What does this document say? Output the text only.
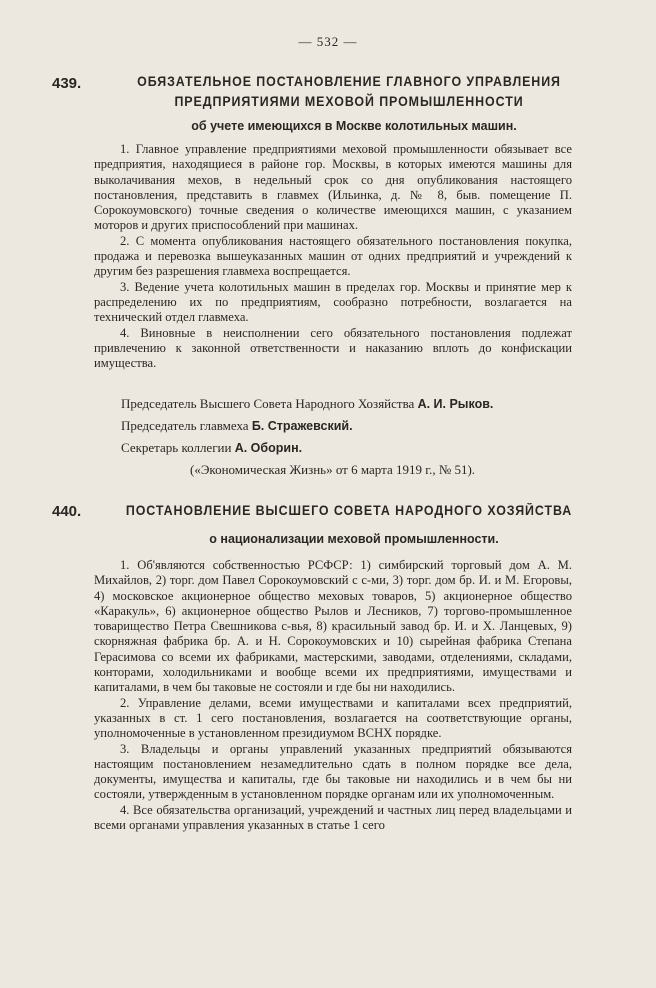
— 532 —
439.	ОБЯЗАТЕЛЬНОЕ ПОСТАНОВЛЕНИЕ ГЛАВНОГО УПРАВЛЕНИЯ ПРЕДПРИЯТИЯМИ МЕХОВОЙ ПРОМЫШЛЕННОСТИ
об учете имеющихся в Москве колотильных машин.

1. Главное управление предприятиями меховой промышленности обязывает все предприятия, находящиеся в районе гор. Москвы, в которых имеются машины для выколачивания мехов, в недельный срок со дня опубликования настоящего постановления, представить в главмех (Ильинка, д. № 8, быв. помещение П. Сорокоумовского) точные сведения о количестве имеющихся машин, с указанием моторов и других приспособлений при машинах.

2. С момента опубликования настоящего обязательного постановления покупка, продажа и перевозка вышеуказанных машин от одних предприятий и учреждений к другим без разрешения главмеха воспрещается.

3. Ведение учета колотильных машин в пределах гор. Москвы и принятие мер к распределению их по предприятиям, сообразно потребности, возлагается на технический отдел главмеха.

4. Виновные в неисполнении сего обязательного постановления подлежат привлечению к законной ответственности и наказанию вплоть до конфискации имущества.

Председатель Высшего Совета Народного Хозяйства А. И. Рыков.
Председатель главмеха Б. Стражевский.
Секретарь коллегии А. Оборин.
(«Экономическая Жизнь» от 6 марта 1919 г., № 51).
440.	ПОСТАНОВЛЕНИЕ ВЫСШЕГО СОВЕТА НАРОДНОГО ХОЗЯЙСТВА
о национализации меховой промышленности.

1. Об'являются собственностью РСФСР: 1) симбирский торговый дом А. М. Михайлов, 2) торг. дом Павел Сорокоумовский с с-ми, 3) торг. дом бр. И. и М. Егоровы, 4) московское акционерное общество меховых товаров, 5) акционерное общество «Каракуль», 6) акционерное общество Рылов и Лесников, 7) торгово-промышленное товарищество Петра Свешникова с-вья, 8) красильный завод бр. И. и Х. Ланцевых, 9) скорняжная фабрика бр. А. и Н. Сорокоумовских и 10) сырейная фабрика Степана Герасимова со всеми их фабриками, мастерскими, заводами, отделениями, складами, конторами, холодильниками и вообще всеми их предприятиями, имуществами и капиталами, в чем бы таковые не состояли и где бы ни находились.

2. Управление делами, всеми имуществами и капиталами всех предприятий, указанных в ст. 1 сего постановления, возлагается на соответствующие органы, уполномоченные в установленном президиумом ВСНХ порядке.

3. Владельцы и органы управлений указанных предприятий обязываются настоящим постановлением незамедлительно сдать в полном порядке все дела, документы, имущества и капиталы, где бы таковые ни находились и в чем бы ни состояли, утвержденным в установленном порядке органам или их уполномоченным.

4. Все обязательства организаций, учреждений и частных лиц перед владельцами и всеми органами управления указанных в статье 1 сего
